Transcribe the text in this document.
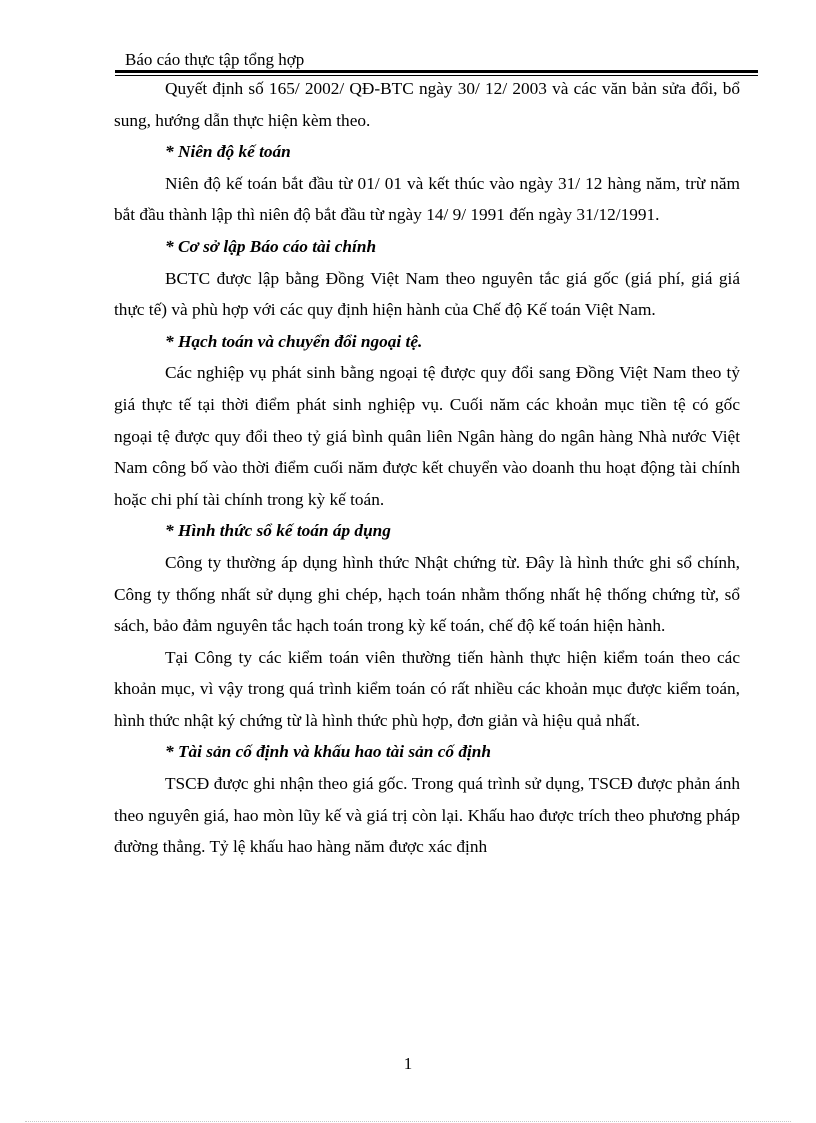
Báo cáo thực tập tổng hợp

Quyết định số 165/ 2002/ QĐ-BTC ngày 30/ 12/ 2003 và các văn bản sửa đổi, bổ sung, hướng dẫn thực hiện kèm theo.

* Niên độ kế toán

Niên độ kế toán bắt đầu từ 01/ 01 và kết thúc vào ngày 31/ 12 hàng năm, trừ năm bắt đầu thành lập thì niên độ bắt đầu từ ngày 14/ 9/ 1991 đến ngày 31/12/1991.

* Cơ sở lập Báo cáo tài chính

BCTC được lập bằng Đồng Việt Nam theo nguyên tắc giá gốc (giá phí, giá giá thực tế) và phù hợp với các quy định hiện hành của Chế độ Kế toán Việt Nam.

* Hạch toán và chuyển đổi ngoại tệ.

Các nghiệp vụ phát sinh bằng ngoại tệ được quy đổi sang Đồng Việt Nam theo tỷ giá thực tế tại thời điểm phát sinh nghiệp vụ. Cuối năm các khoản mục tiền tệ có gốc ngoại tệ được quy đổi theo tỷ giá bình quân liên Ngân hàng do ngân hàng Nhà nước Việt Nam công bố vào thời điểm cuối năm được kết chuyển vào doanh thu hoạt động tài chính hoặc chi phí tài chính trong kỳ kế toán.

* Hình thức sổ kế toán áp dụng

Công ty thường áp dụng hình thức Nhật chứng từ. Đây là hình thức ghi sổ chính, Công ty thống nhất sử dụng ghi chép, hạch toán nhằm thống nhất hệ thống chứng từ, sổ sách, bảo đảm nguyên tắc hạch toán trong kỳ kế toán, chế độ kế toán hiện hành.

Tại Công ty các kiểm toán viên thường tiến hành thực hiện kiểm toán theo các khoản mục, vì vậy trong quá trình kiểm toán có rất nhiều các khoản mục được kiểm toán, hình thức nhật ký chứng từ là hình thức phù hợp, đơn giản và hiệu quả nhất.

* Tài sản cố định và khấu hao tài sản cố định

TSCĐ được ghi nhận theo giá gốc. Trong quá trình sử dụng, TSCĐ được phản ánh theo nguyên giá, hao mòn lũy kế và giá trị còn lại. Khấu hao được trích theo phương pháp đường thẳng. Tỷ lệ khấu hao hàng năm được xác định

1
